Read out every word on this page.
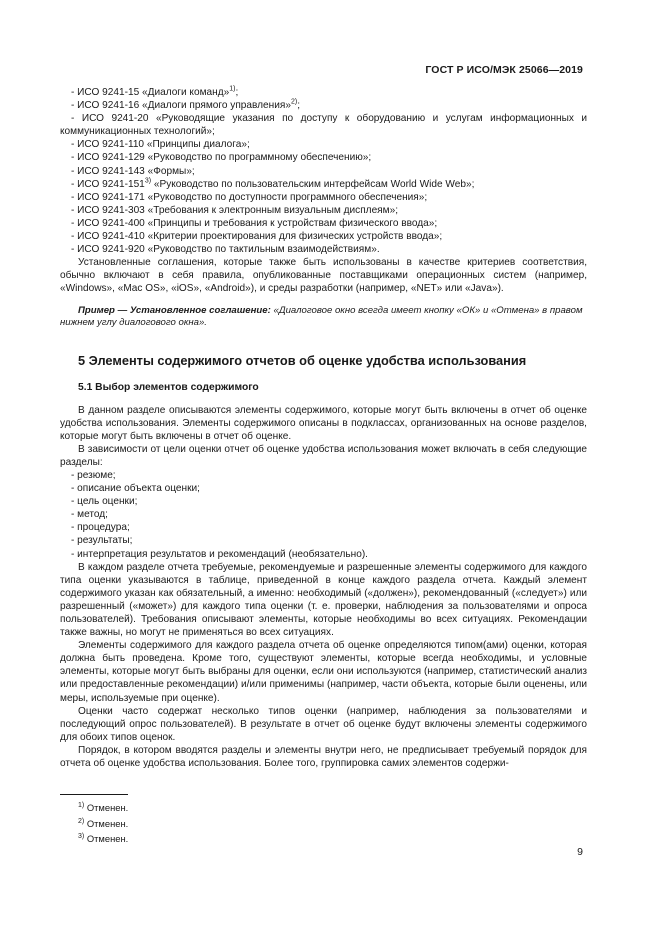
ГОСТ Р ИСО/МЭК 25066—2019
- ИСО 9241-15 «Диалоги команд»$^{1)}$;
- ИСО 9241-16 «Диалоги прямого управления»$^{2)}$;
- ИСО 9241-20 «Руководящие указания по доступу к оборудованию и услугам информационных и коммуникационных технологий»;
- ИСО 9241-110 «Принципы диалога»;
- ИСО 9241-129 «Руководство по программному обеспечению»;
- ИСО 9241-143 «Формы»;
- ИСО 9241-151$^{3)}$ «Руководство по пользовательским интерфейсам World Wide Web»;
- ИСО 9241-171 «Руководство по доступности программного обеспечения»;
- ИСО 9241-303 «Требования к электронным визуальным дисплеям»;
- ИСО 9241-400 «Принципы и требования к устройствам физического ввода»;
- ИСО 9241-410 «Критерии проектирования для физических устройств ввода»;
- ИСО 9241-920 «Руководство по тактильным взаимодействиям».
Установленные соглашения, которые также быть использованы в качестве критериев соответствия, обычно включают в себя правила, опубликованные поставщиками операционных систем (например, «Windows», «Mac OS», «iOS», «Android»), и среды разработки (например, «NET» или «Java»).
Пример — Установленное соглашение: «Диалоговое окно всегда имеет кнопку «ОК» и «Отмена» в правом нижнем углу диалогового окна».
5 Элементы содержимого отчетов об оценке удобства использования
5.1 Выбор элементов содержимого
В данном разделе описываются элементы содержимого, которые могут быть включены в отчет об оценке удобства использования. Элементы содержимого описаны в подклассах, организованных на основе разделов, которые могут быть включены в отчет об оценке.
В зависимости от цели оценки отчет об оценке удобства использования может включать в себя следующие разделы:
- резюме;
- описание объекта оценки;
- цель оценки;
- метод;
- процедура;
- результаты;
- интерпретация результатов и рекомендаций (необязательно).
В каждом разделе отчета требуемые, рекомендуемые и разрешенные элементы содержимого для каждого типа оценки указываются в таблице, приведенной в конце каждого раздела отчета. Каждый элемент содержимого указан как обязательный, а именно: необходимый («должен»), рекомендованный («следует») или разрешенный («может») для каждого типа оценки (т. е. проверки, наблюдения за пользователями и опроса пользователей). Требования описывают элементы, которые необходимы во всех ситуациях. Рекомендации также важны, но могут не применяться во всех ситуациях.
Элементы содержимого для каждого раздела отчета об оценке определяются типом(ами) оценки, которая должна быть проведена. Кроме того, существуют элементы, которые всегда необходимы, и условные элементы, которые могут быть выбраны для оценки, если они используются (например, статистический анализ или предоставленные рекомендации) и/или применимы (например, части объекта, которые были оценены, или меры, используемые при оценке).
Оценки часто содержат несколько типов оценки (например, наблюдения за пользователями и последующий опрос пользователей). В результате в отчет об оценке будут включены элементы содержимого для обоих типов оценок.
Порядок, в котором вводятся разделы и элементы внутри него, не предписывает требуемый порядок для отчета об оценке удобства использования. Более того, группировка самих элементов содержи-
$^{1)}$ Отменен.
$^{2)}$ Отменен.
$^{3)}$ Отменен.
9
